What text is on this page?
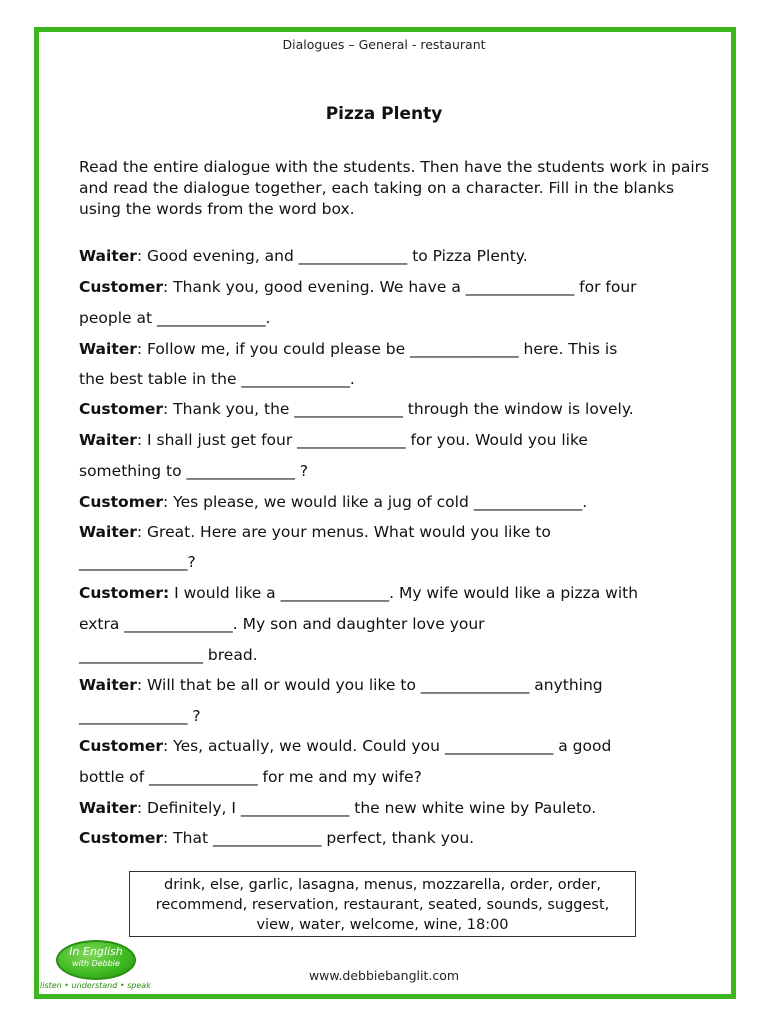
Dialogues – General - restaurant
Pizza Plenty
Read the entire dialogue with the students. Then have the students work in pairs and read the dialogue together, each taking on a character. Fill in the blanks using the words from the word box.
Waiter: Good evening, and ______________ to Pizza Plenty.
Customer: Thank you, good evening. We have a ______________ for four
people at ______________.
Waiter: Follow me, if you could please be ______________ here. This is
the best table in the ______________.
Customer: Thank you, the ______________ through the window is lovely.
Waiter: I shall just get four ______________ for you. Would you like
something to ______________ ?
Customer: Yes please, we would like a jug of cold ______________.
Waiter: Great. Here are your menus. What would you like to
______________?
Customer: I would like a ______________. My wife would like a pizza with
extra ______________. My son and daughter love your
________________ bread.
Waiter: Will that be all or would you like to ______________ anything
______________ ?
Customer: Yes, actually, we would. Could you ______________ a good
bottle of ______________ for me and my wife?
Waiter: Definitely, I ______________ the new white wine by Pauleto.
Customer: That ______________ perfect, thank you.
drink, else, garlic, lasagna, menus, mozzarella, order, order,
recommend, reservation, restaurant, seated, sounds, suggest,
view, water, welcome, wine, 18:00
In English
with Debbie
listen • understand • speak
www.debbiebanglit.com
